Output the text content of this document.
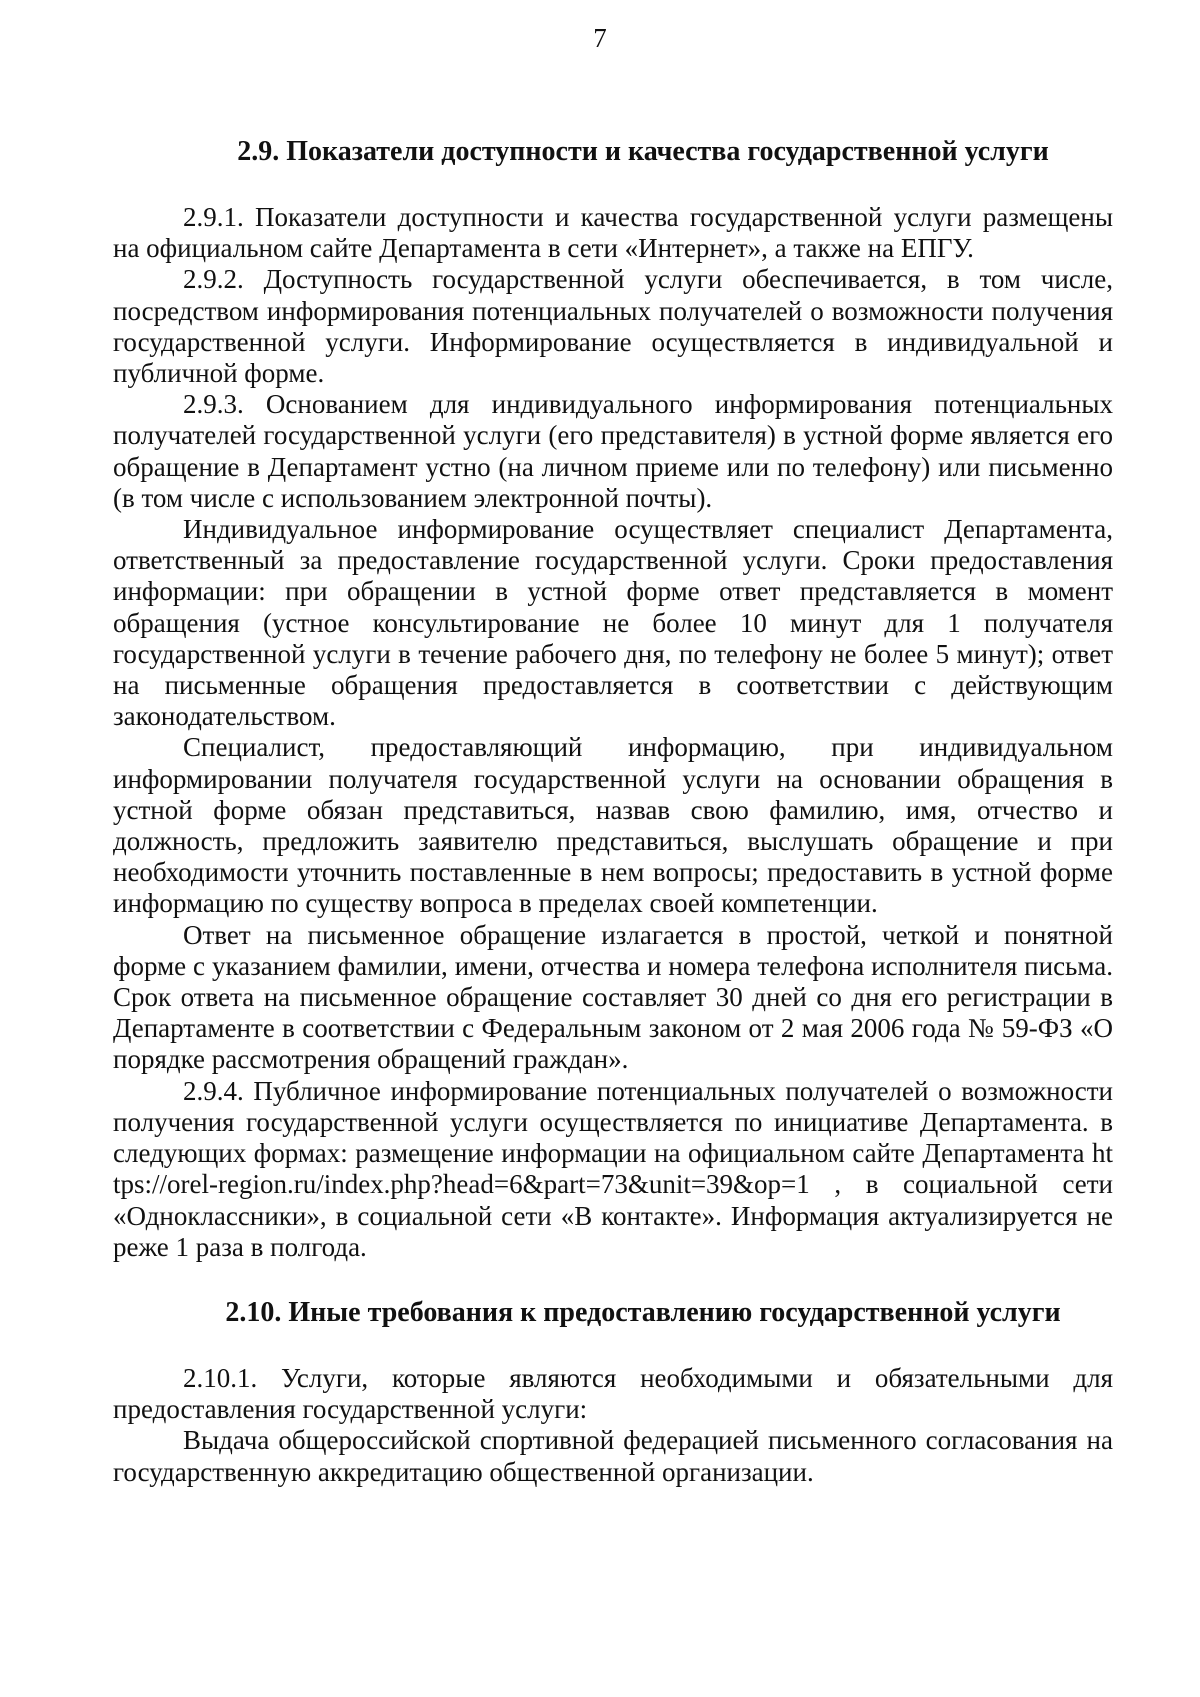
7
2.9. Показатели доступности и качества государственной услуги

2.9.1. Показатели доступности и качества государственной услуги размещены на официальном сайте Департамента в сети «Интернет», а также на ЕПГУ.

2.9.2. Доступность государственной услуги обеспечивается, в том числе, посредством информирования потенциальных получателей о возможности получения государственной услуги. Информирование осуществляется в индивидуальной и публичной форме.

2.9.3. Основанием для индивидуального информирования потенциальных получателей государственной услуги (его представителя) в устной форме является его обращение в Департамент устно (на личном приеме или по телефону) или письменно (в том числе с использованием электронной почты).

Индивидуальное информирование осуществляет специалист Департамента, ответственный за предоставление государственной услуги. Сроки предоставления информации: при обращении в устной форме ответ представляется в момент обращения (устное консультирование не более 10 минут для 1 получателя государственной услуги в течение рабочего дня, по телефону не более 5 минут); ответ на письменные обращения предоставляется в соответствии с действующим законодательством.

Специалист, предоставляющий информацию, при индивидуальном информировании получателя государственной услуги на основании обращения в устной форме обязан представиться, назвав свою фамилию, имя, отчество и должность, предложить заявителю представиться, выслушать обращение и при необходимости уточнить поставленные в нем вопросы; предоставить в устной форме информацию по существу вопроса в пределах своей компетенции.

Ответ на письменное обращение излагается в простой, четкой и понятной форме с указанием фамилии, имени, отчества и номера телефона исполнителя письма. Срок ответа на письменное обращение составляет 30 дней со дня его регистрации в Департаменте в соответствии с Федеральным законом от 2 мая 2006 года № 59-ФЗ «О порядке рассмотрения обращений граждан».

2.9.4. Публичное информирование потенциальных получателей о возможности получения государственной услуги осуществляется по инициативе Департамента. в следующих формах: размещение информации на официальном сайте Департамента https://orel-region.ru/index.php?head=6&part=73&unit=39&op=1 , в социальной сети «Одноклассники», в социальной сети «В контакте». Информация актуализируется не реже 1 раза в полгода.

2.10. Иные требования к предоставлению государственной услуги

2.10.1. Услуги, которые являются необходимыми и обязательными для предоставления государственной услуги:

Выдача общероссийской спортивной федерацией письменного согласования на государственную аккредитацию общественной организации.
